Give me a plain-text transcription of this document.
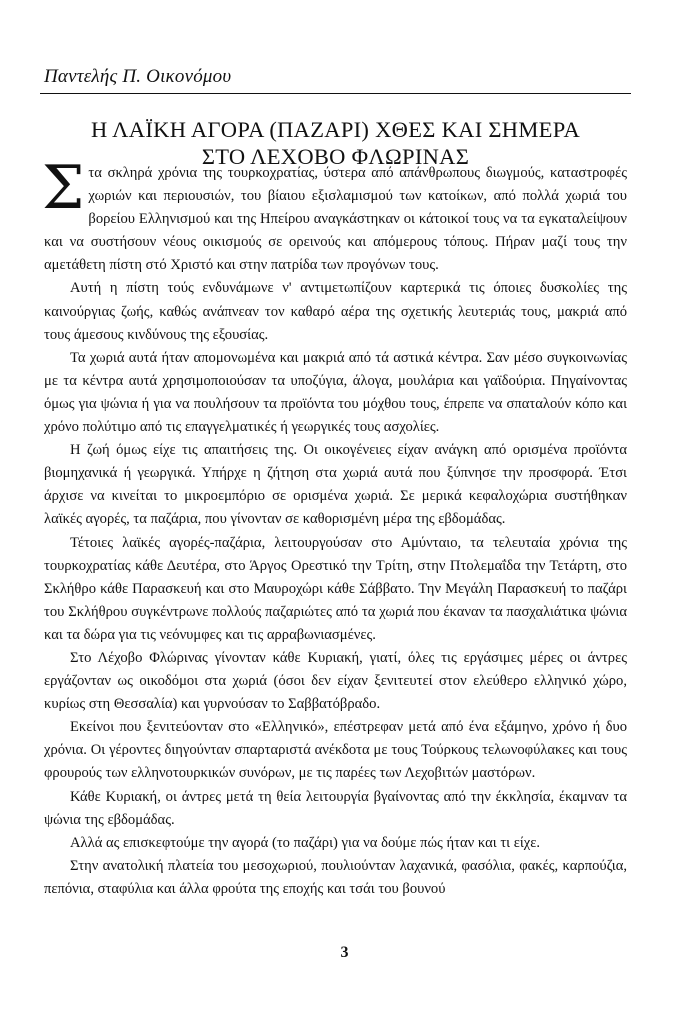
Παντελής Π. Οικονόμου
Η ΛΑΪΚΗ ΑΓΟΡΑ (ΠΑΖΑΡΙ) ΧΘΕΣ ΚΑΙ ΣΗΜΕΡΑ
ΣΤΟ ΛΕΧΟΒΟ ΦΛΩΡΙΝΑΣ

Στα σκληρά χρόνια της τουρκοχρατίας, ύστερα από απάνθρωπους διωγμούς, καταστροφές χωριών και περιουσιών, του βίαιου εξισλαμισμού των κατοίκων, από πολλά χωριά του βορείου Ελληνισμού και της Ηπείρου αναγκάστηκαν οι κάτοικοί τους να τα εγκαταλείψουν και να συστήσουν νέους οικισμούς σε ορεινούς και απόμερους τόπους. Πήραν μαζί τους την αμετάθετη πίστη στό Χριστό και στην πατρίδα των προγόνων τους.

Αυτή η πίστη τούς ενδυνάμωνε ν' αντιμετωπίζουν καρτερικά τις όποιες δυσκολίες της καινούργιας ζωής, καθώς ανάπνεαν τον καθαρό αέρα της σχετικής λευτεριάς τους, μακριά από τους άμεσους κινδύνους της εξουσίας.

Τα χωριά αυτά ήταν απομονωμένα και μακριά από τά αστικά κέντρα. Σαν μέσο συγκοινωνίας με τα κέντρα αυτά χρησιμοποιούσαν τα υποζύγια, άλογα, μουλάρια και γαϊδούρια. Πηγαίνοντας όμως για ψώνια ή για να πουλήσουν τα προϊόντα του μόχθου τους, έπρεπε να σπαταλούν κόπο και χρόνο πολύτιμο από τις επαγγελματικές ή γεωργικές τους ασχολίες.

Η ζωή όμως είχε τις απαιτήσεις της. Οι οικογένειες είχαν ανάγκη από ορισμένα προϊόντα βιομηχανικά ή γεωργικά. Υπήρχε η ζήτηση στα χωριά αυτά που ξύπνησε την προσφορά. Έτσι άρχισε να κινείται το μικροεμπόριο σε ορισμένα χωριά. Σε μερικά κεφαλοχώρια συστήθηκαν λαϊκές αγορές, τα παζάρια, που γίνονταν σε καθορισμένη μέρα της εβδομάδας.

Τέτοιες λαϊκές αγορές-παζάρια, λειτουργούσαν στο Αμύνταιο, τα τελευταία χρόνια της τουρκοχρατίας κάθε Δευτέρα, στο Άργος Ορεστικό την Τρίτη, στην Πτολεμαΐδα την Τετάρτη, στο Σκλήθρο κάθε Παρασκευή και στο Μαυροχώρι κάθε Σάββατο. Την Μεγάλη Παρασκευή το παζάρι του Σκλήθρου συγκέντρωνε πολλούς παζαριώτες από τα χωριά που έκαναν τα πασχαλιάτικα ψώνια και τα δώρα για τις νεόνυμφες και τις αρραβωνιασμένες.

Στο Λέχοβο Φλώρινας γίνονταν κάθε Κυριακή, γιατί, όλες τις εργάσιμες μέρες οι άντρες εργάζονταν ως οικοδόμοι στα χωριά (όσοι δεν είχαν ξενιτευτεί στον ελεύθερο ελληνικό χώρο, κυρίως στη Θεσσαλία) και γυρνούσαν το Σαββατόβραδο.

Εκείνοι που ξενιτεύονταν στο «Ελληνικό», επέστρεφαν μετά από ένα εξάμηνο, χρόνο ή δυο χρόνια. Οι γέροντες διηγούνταν σπαρταριστά ανέκδοτα με τους Τούρκους τελωνοφύλακες και τους φρουρούς των ελληνοτουρκικών συνόρων, με τις παρέες των Λεχοβιτών μαστόρων.

Κάθε Κυριακή, οι άντρες μετά τη θεία λειτουργία βγαίνοντας από την έκκλησία, έκαμναν τα ψώνια της εβδομάδας.

Αλλά ας επισκεφτούμε την αγορά (το παζάρι) για να δούμε πώς ήταν και τι είχε.

Στην ανατολική πλατεία του μεσοχωριού, πουλιούνταν λαχανικά, φασόλια, φακές, καρπούζια, πεπόνια, σταφύλια και άλλα φρούτα της εποχής και τσάι του βουνού

3
